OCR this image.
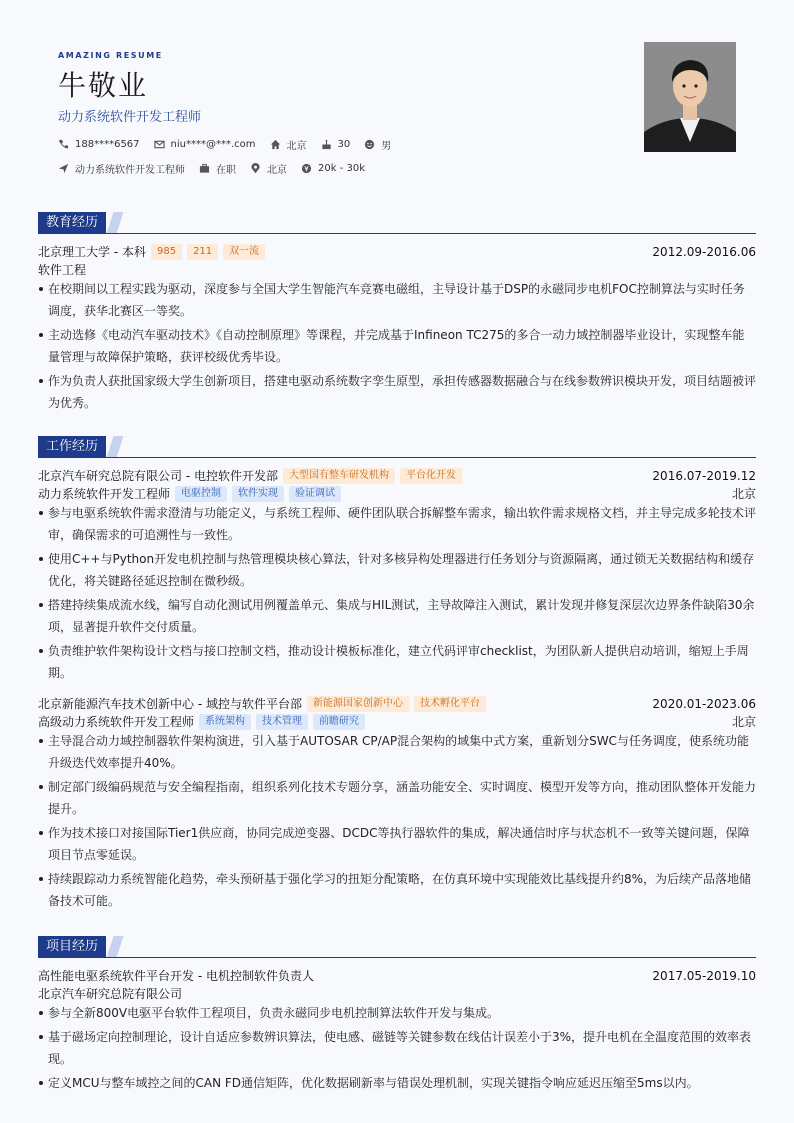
AMAZING RESUME
牛敬业
动力系统软件开发工程师
188****6567	niu****@***.com	北京	30	男
动力系统软件开发工程师	在职	北京	20k - 30k
教育经历
北京理工大学 - 本科	985	211	双一流	2012.09-2016.06
软件工程
在校期间以工程实践为驱动，深度参与全国大学生智能汽车竞赛电磁组，主导设计基于DSP的永磁同步电机FOC控制算法与实时任务调度，获华北赛区一等奖。
主动选修《电动汽车驱动技术》《自动控制原理》等课程，并完成基于Infineon TC275的多合一动力域控制器毕业设计，实现整车能量管理与故障保护策略，获评校级优秀毕设。
作为负责人获批国家级大学生创新项目，搭建电驱动系统数字孪生原型，承担传感器数据融合与在线参数辨识模块开发，项目结题被评为优秀。
工作经历
北京汽车研究总院有限公司 - 电控软件开发部	大型国有整车研发机构	平台化开发	2016.07-2019.12
动力系统软件开发工程师	电驱控制	软件实现	验证调试	北京
参与电驱系统软件需求澄清与功能定义，与系统工程师、硬件团队联合拆解整车需求，输出软件需求规格文档，并主导完成多轮技术评审，确保需求的可追溯性与一致性。
使用C++与Python开发电机控制与热管理模块核心算法，针对多核异构处理器进行任务划分与资源隔离，通过锁无关数据结构和缓存优化，将关键路径延迟控制在微秒级。
搭建持续集成流水线，编写自动化测试用例覆盖单元、集成与HIL测试，主导故障注入测试，累计发现并修复深层次边界条件缺陷30余项，显著提升软件交付质量。
负责维护软件架构设计文档与接口控制文档，推动设计模板标准化，建立代码评审checklist，为团队新人提供启动培训，缩短上手周期。
北京新能源汽车技术创新中心 - 域控与软件平台部	新能源国家创新中心	技术孵化平台	2020.01-2023.06
高级动力系统软件开发工程师	系统架构	技术管理	前瞻研究	北京
主导混合动力域控制器软件架构演进，引入基于AUTOSAR CP/AP混合架构的域集中式方案，重新划分SWC与任务调度，使系统功能升级迭代效率提升40%。
制定部门级编码规范与安全编程指南，组织系列化技术专题分享，涵盖功能安全、实时调度、模型开发等方向，推动团队整体开发能力提升。
作为技术接口对接国际Tier1供应商，协同完成逆变器、DCDC等执行器软件的集成，解决通信时序与状态机不一致等关键问题，保障项目节点零延误。
持续跟踪动力系统智能化趋势，牵头预研基于强化学习的扭矩分配策略，在仿真环境中实现能效比基线提升约8%，为后续产品落地储备技术可能。
项目经历
高性能电驱系统软件平台开发 - 电机控制软件负责人	2017.05-2019.10
北京汽车研究总院有限公司
参与全新800V电驱平台软件工程项目，负责永磁同步电机控制算法软件开发与集成。
基于磁场定向控制理论，设计自适应参数辨识算法，使电感、磁链等关键参数在线估计误差小于3%，提升电机在全温度范围的效率表现。
定义MCU与整车域控之间的CAN FD通信矩阵，优化数据刷新率与错误处理机制，实现关键指令响应延迟压缩至5ms以内。
